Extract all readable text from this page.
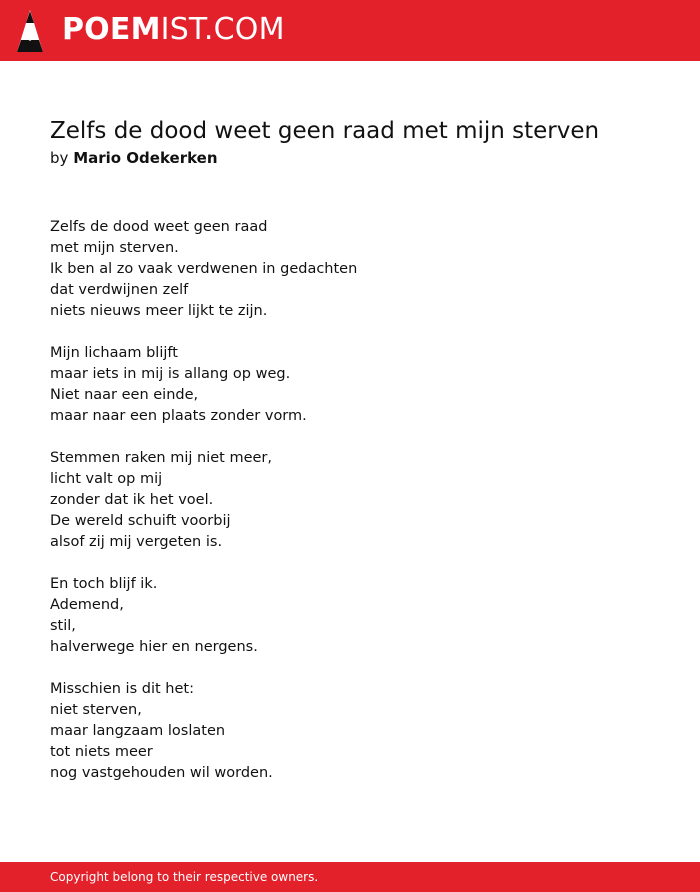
POEMIST.COM
Zelfs de dood weet geen raad met mijn sterven
by Mario Odekerken
Zelfs de dood weet geen raad
met mijn sterven.
Ik ben al zo vaak verdwenen in gedachten
dat verdwijnen zelf
niets nieuws meer lijkt te zijn.
Mijn lichaam blijft
maar iets in mij is allang op weg.
Niet naar een einde,
maar naar een plaats zonder vorm.
Stemmen raken mij niet meer,
licht valt op mij
zonder dat ik het voel.
De wereld schuift voorbij
alsof zij mij vergeten is.
En toch blijf ik.
Ademend,
stil,
halverwege hier en nergens.
Misschien is dit het:
niet sterven,
maar langzaam loslaten
tot niets meer
nog vastgehouden wil worden.
Copyright belong to their respective owners.
